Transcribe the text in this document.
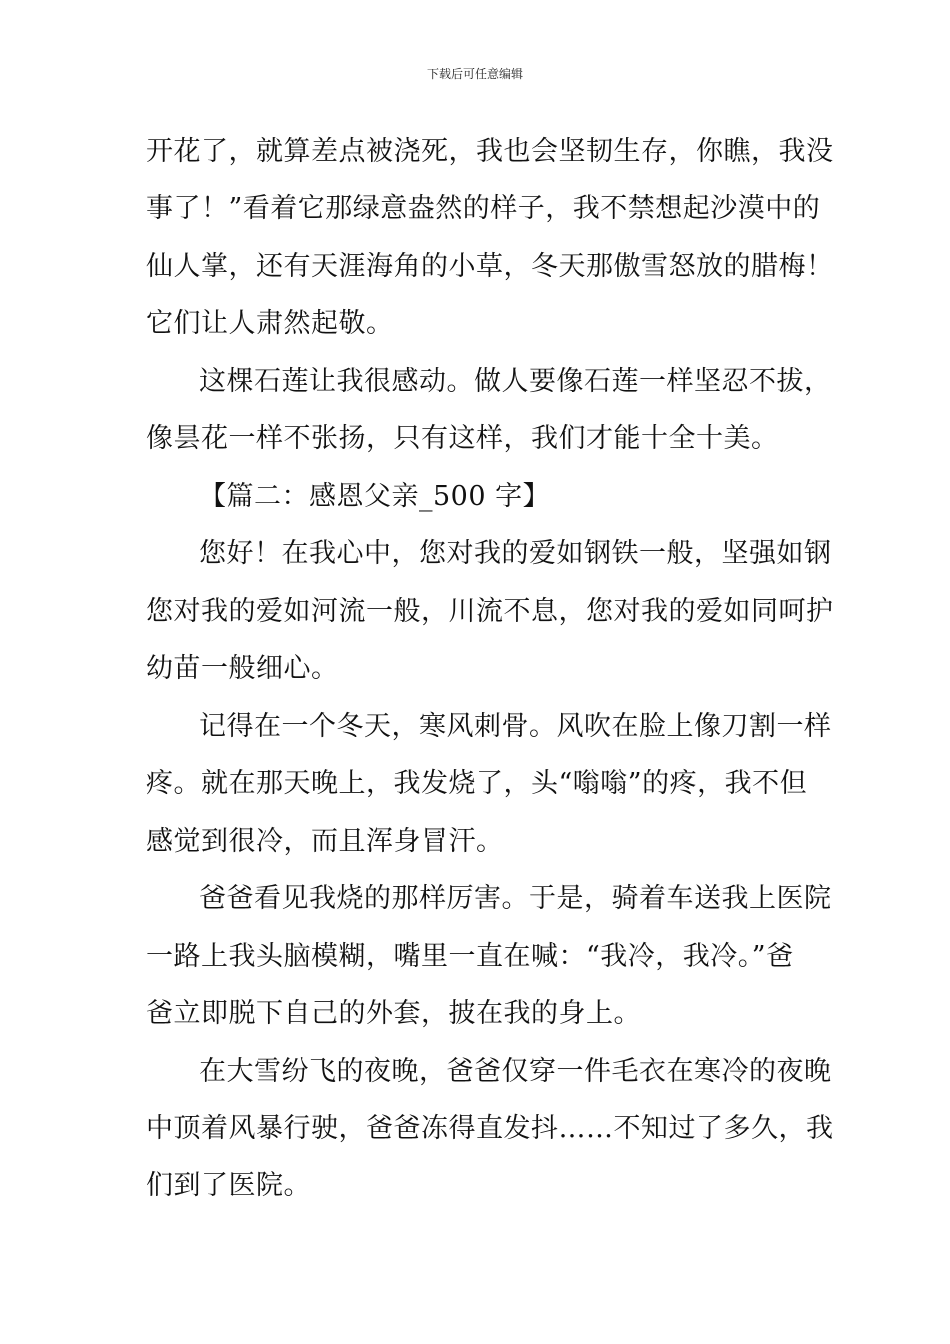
下载后可任意编辑
开花了，就算差点被浇死，我也会坚韧生存，你瞧，我没
事了！”看着它那绿意盎然的样子，我不禁想起沙漠中的
仙人掌，还有天涯海角的小草，冬天那傲雪怒放的腊梅！
它们让人肃然起敬。
这棵石莲让我很感动。做人要像石莲一样坚忍不拔，
像昙花一样不张扬，只有这样，我们才能十全十美。
【篇二：感恩父亲_500 字】
您好！在我心中，您对我的爱如钢铁一般，坚强如钢
您对我的爱如河流一般，川流不息，您对我的爱如同呵护
幼苗一般细心。
记得在一个冬天，寒风刺骨。风吹在脸上像刀割一样
疼。就在那天晚上，我发烧了，头“嗡嗡”的疼，我不但
感觉到很冷，而且浑身冒汗。
爸爸看见我烧的那样厉害。于是，骑着车送我上医院
一路上我头脑模糊，嘴里一直在喊：“我冷，我冷。”爸
爸立即脱下自己的外套，披在我的身上。
在大雪纷飞的夜晚，爸爸仅穿一件毛衣在寒冷的夜晚
中顶着风暴行驶，爸爸冻得直发抖……不知过了多久，我
们到了医院。
